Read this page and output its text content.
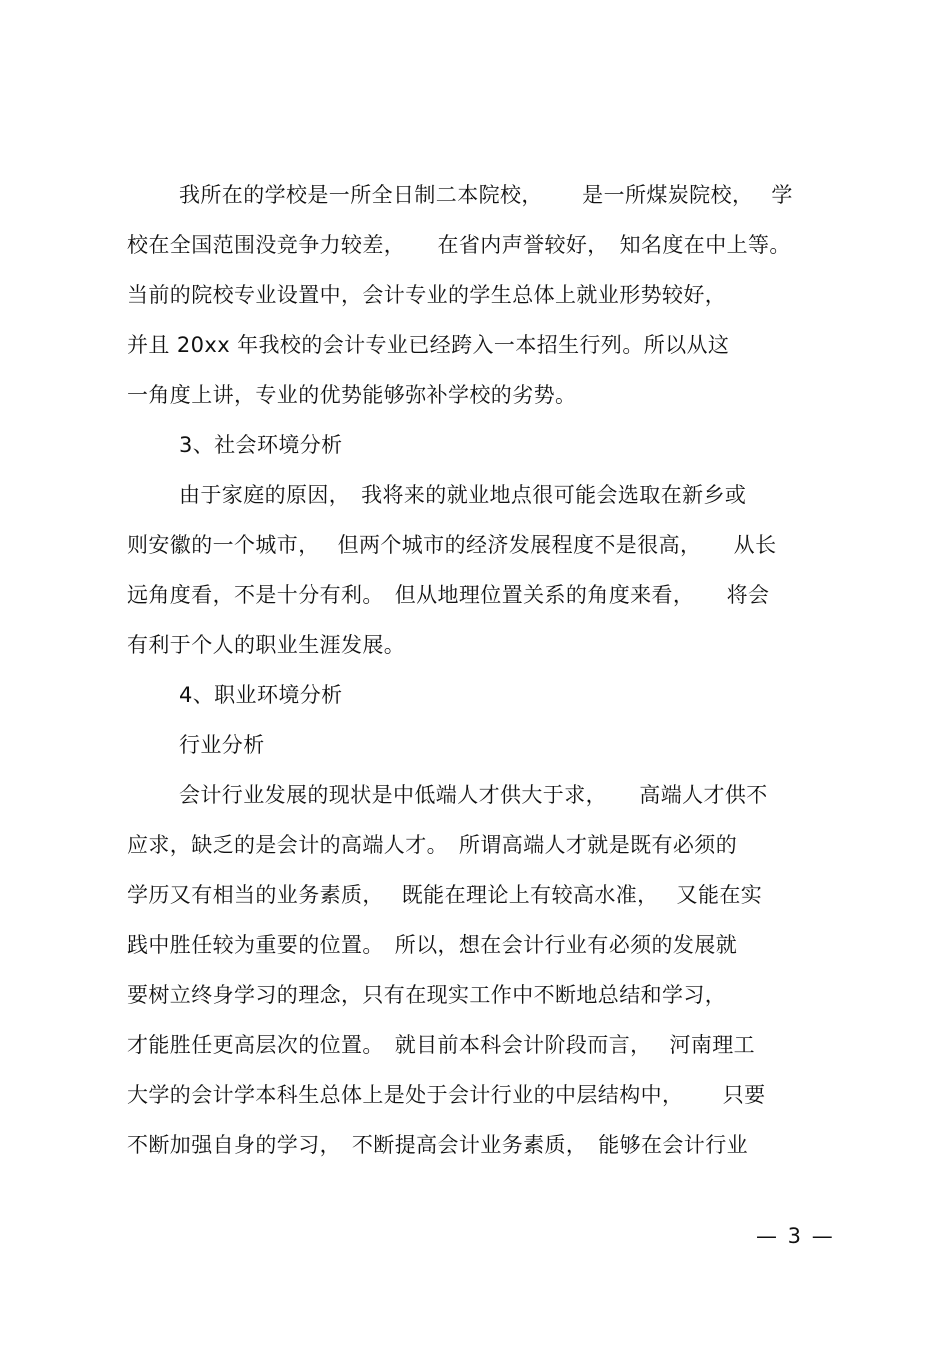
我所在的学校是一所全日制二本院校，　　 是一所煤炭院校，　 学
校在全国范围没竞争力较差，　　在省内声誉较好，　知名度在中上等。
当前的院校专业设置中，会计专业的学生总体上就业形势较好，
并且 20xx 年我校的会计专业已经跨入一本招生行列。所以从这
一角度上讲，专业的优势能够弥补学校的劣势。
3、社会环境分析
由于家庭的原因，　我将来的就业地点很可能会选取在新乡或
则安徽的一个城市，　 但两个城市的经济发展程度不是很高，　　从长
远角度看，不是十分有利。　但从地理位置关系的角度来看，　　将会
有利于个人的职业生涯发展。
4、职业环境分析
行业分析
会计行业发展的现状是中低端人才供大于求，　　高端人才供不
应求，缺乏的是会计的高端人才。　所谓高端人才就是既有必须的
学历又有相当的业务素质，　 既能在理论上有较高水准，　 又能在实
践中胜任较为重要的位置。　所以，想在会计行业有必须的发展就
要树立终身学习的理念，只有在现实工作中不断地总结和学习，
才能胜任更高层次的位置。　就目前本科会计阶段而言，　 河南理工
大学的会计学本科生总体上是处于会计行业的中层结构中，　　 只要
不断加强自身的学习，　不断提高会计业务素质，　能够在会计行业
— 3 —
